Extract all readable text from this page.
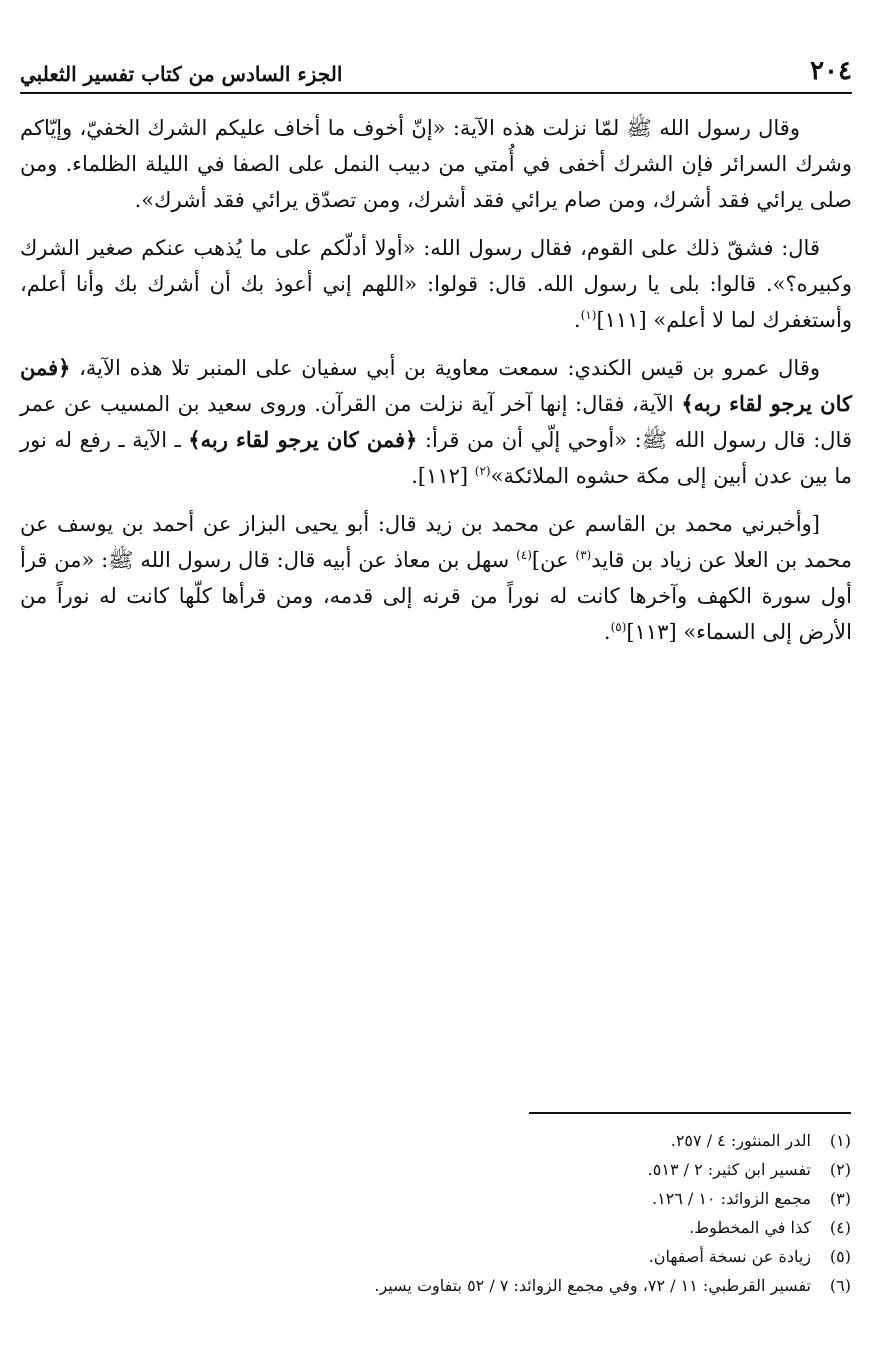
٢٠٤
الجزء السادس من كتاب تفسير الثعلبي

وقال رسول الله ﷺ لمّا نزلت هذه الآية: «إنّ أخوف ما أخاف عليكم الشرك الخفيّ، وإيّاكم وشرك السرائر فإن الشرك أخفى في أُمتي من دبيب النمل على الصفا في الليلة الظلماء. ومن صلى يرائي فقد أشرك، ومن صام يرائي فقد أشرك، ومن تصدّق يرائي فقد أشرك».

قال: فشقّ ذلك على القوم، فقال رسول الله: «أولا أدلّكم على ما يُذهب عنكم صغير الشرك وكبيره؟». قالوا: بلى يا رسول الله. قال: قولوا: «اللهم إني أعوذ بك أن أشرك بك وأنا أعلم، وأستغفرك لما لا أعلم» [١١١]$^{(١)}$.

وقال عمرو بن قيس الكندي: سمعت معاوية بن أبي سفيان على المنبر تلا هذه الآية، ﴿فمن كان يرجو لقاء ربه﴾ الآية، فقال: إنها آخر آية نزلت من القرآن. وروى سعيد بن المسيب عن عمر قال: قال رسول الله ﷺ: «أوحي إلّي أن من قرأ: ﴿فمن كان يرجو لقاء ربه﴾ ـ الآية ـ رفع له نور ما بين عدن أبين إلى مكة حشوه الملائكة»$^{(٢)}$ [١١٢].

[وأخبرني محمد بن القاسم عن محمد بن زيد قال: أبو يحيى البزاز عن أحمد بن يوسف عن محمد بن العلا عن زياد بن قايد$^{(٣)}$ عن]$^{(٤)}$ سهل بن معاذ عن أبيه قال: قال رسول الله ﷺ: «من قرأ أول سورة الكهف وآخرها كانت له نوراً من قرنه إلى قدمه، ومن قرأها كلّها كانت له نوراً من الأرض إلى السماء» [١١٣]$^{(٥)}$.

(١)
الدر المنثور: ٤ / ٢٥٧.
(٢)
تفسير ابن كثير: ٢ / ٥١٣.
(٣)
مجمع الزوائد: ١٠ / ١٢٦.
(٤)
كذا في المخطوط.
(٥)
زيادة عن نسخة أصفهان.
(٦)
تفسير القرطبي: ١١ / ٧٢، وفي مجمع الزوائد: ٧ / ٥٢ بتفاوت يسير.
